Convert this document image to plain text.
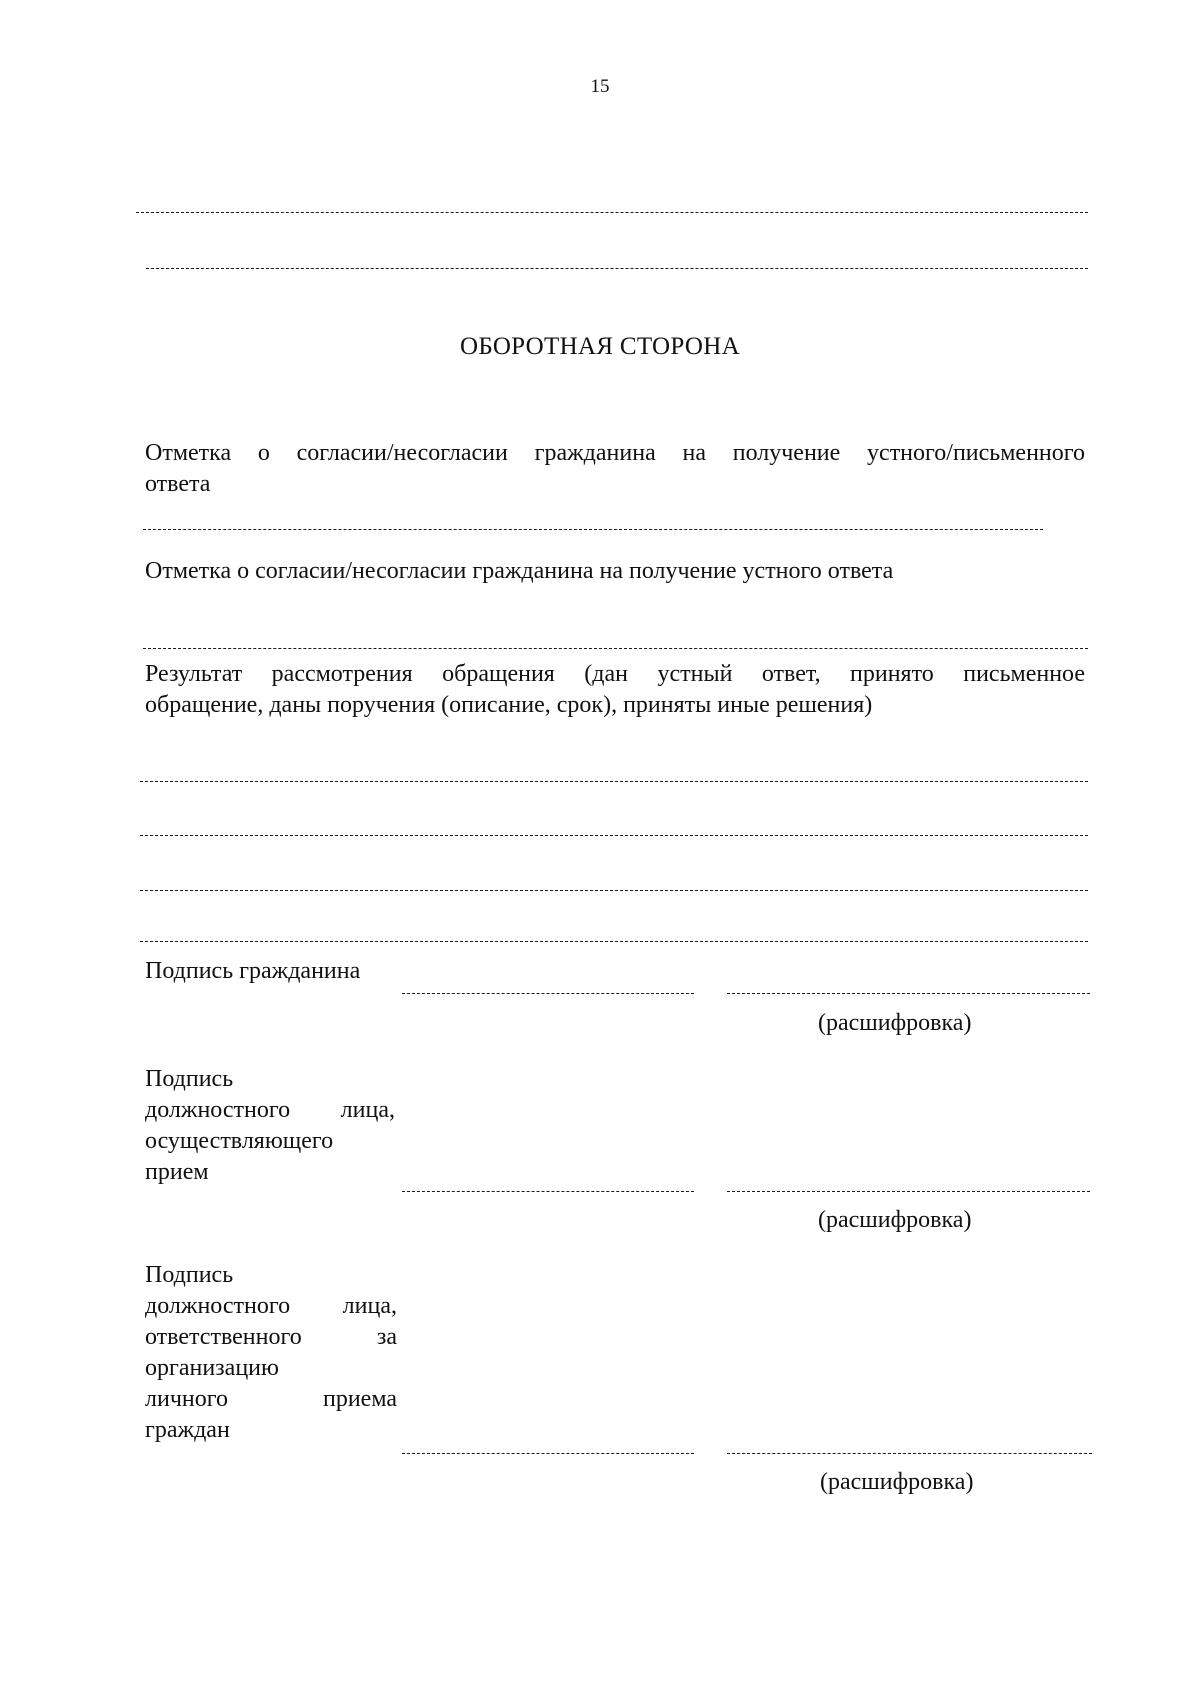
15
ОБОРОТНАЯ СТОРОНА
Отметка о согласии/несогласии гражданина на получение устного/письменного
ответа
Отметка о согласии/несогласии гражданина на получение устного ответа
Результат рассмотрения обращения (дан устный ответ, принято письменное
обращение, даны поручения (описание, срок), приняты иные решения)
Подпись гражданина
(расшифровка)
Подпись
должностного лица,
осуществляющего
прием
(расшифровка)
Подпись
должностного лица,
ответственного за
организацию
личного приема
граждан
(расшифровка)
